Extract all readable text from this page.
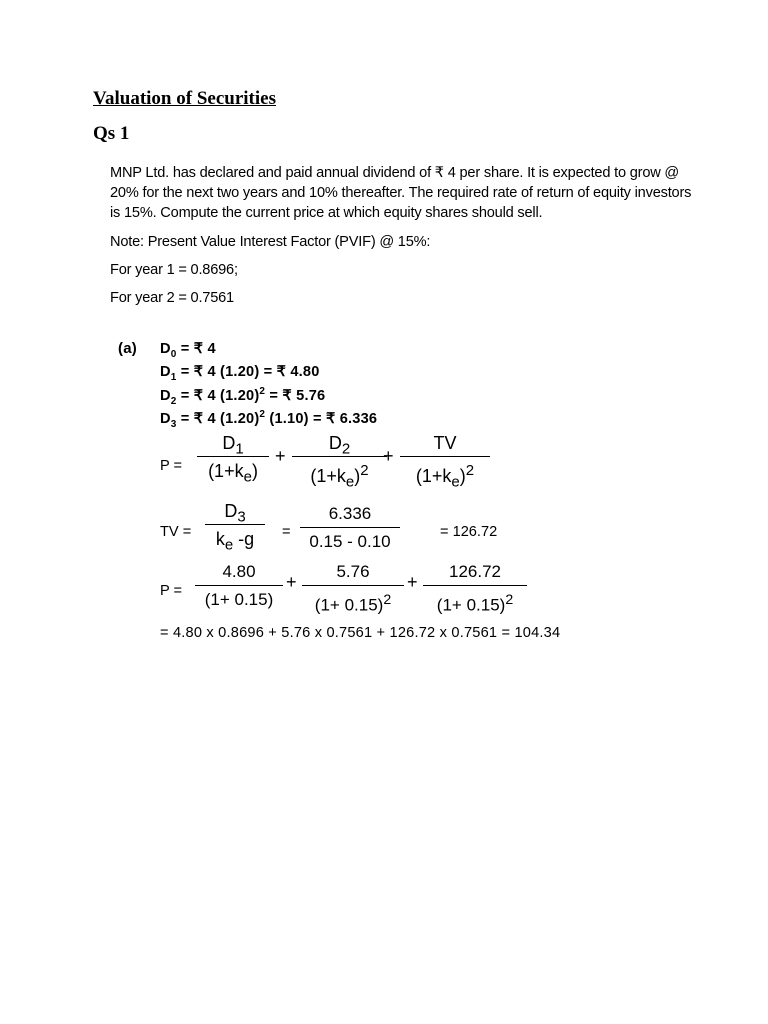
Valuation of Securities
Qs 1
MNP Ltd. has declared and paid annual dividend of ₹ 4 per share. It is expected to grow @
20% for the next two years and 10% thereafter. The required rate of return of equity investors
is 15%. Compute the current price at which equity shares should sell.
Note: Present Value Interest Factor (PVIF) @ 15%:
For year 1 = 0.8696;
For year 2 = 0.7561
(a) $D_0$ = ₹ 4
$D_1$ = ₹ 4 (1.20) = ₹ 4.80
$D_2$ = ₹ 4 $(1.20)^2$ = ₹ 5.76
$D_3$ = ₹ 4 $(1.20)^2$ (1.10) = ₹ 6.336
P =
$D_1$
$(1+k_e)$
+
$D_2$
$(1+k_e)^2$
+
TV
$(1+k_e)^2$
TV =
$D_3$
$k_e$ -g =
6.336
0.15 - 0.10	= 126.72
P =
4.80
(1+ 0.15)
+
5.76
$(1+ 0.15)^2$
+
126.72
$(1+ 0.15)^2$
= 4.80 x 0.8696 + 5.76 x 0.7561 + 126.72 x 0.7561 = 104.34
